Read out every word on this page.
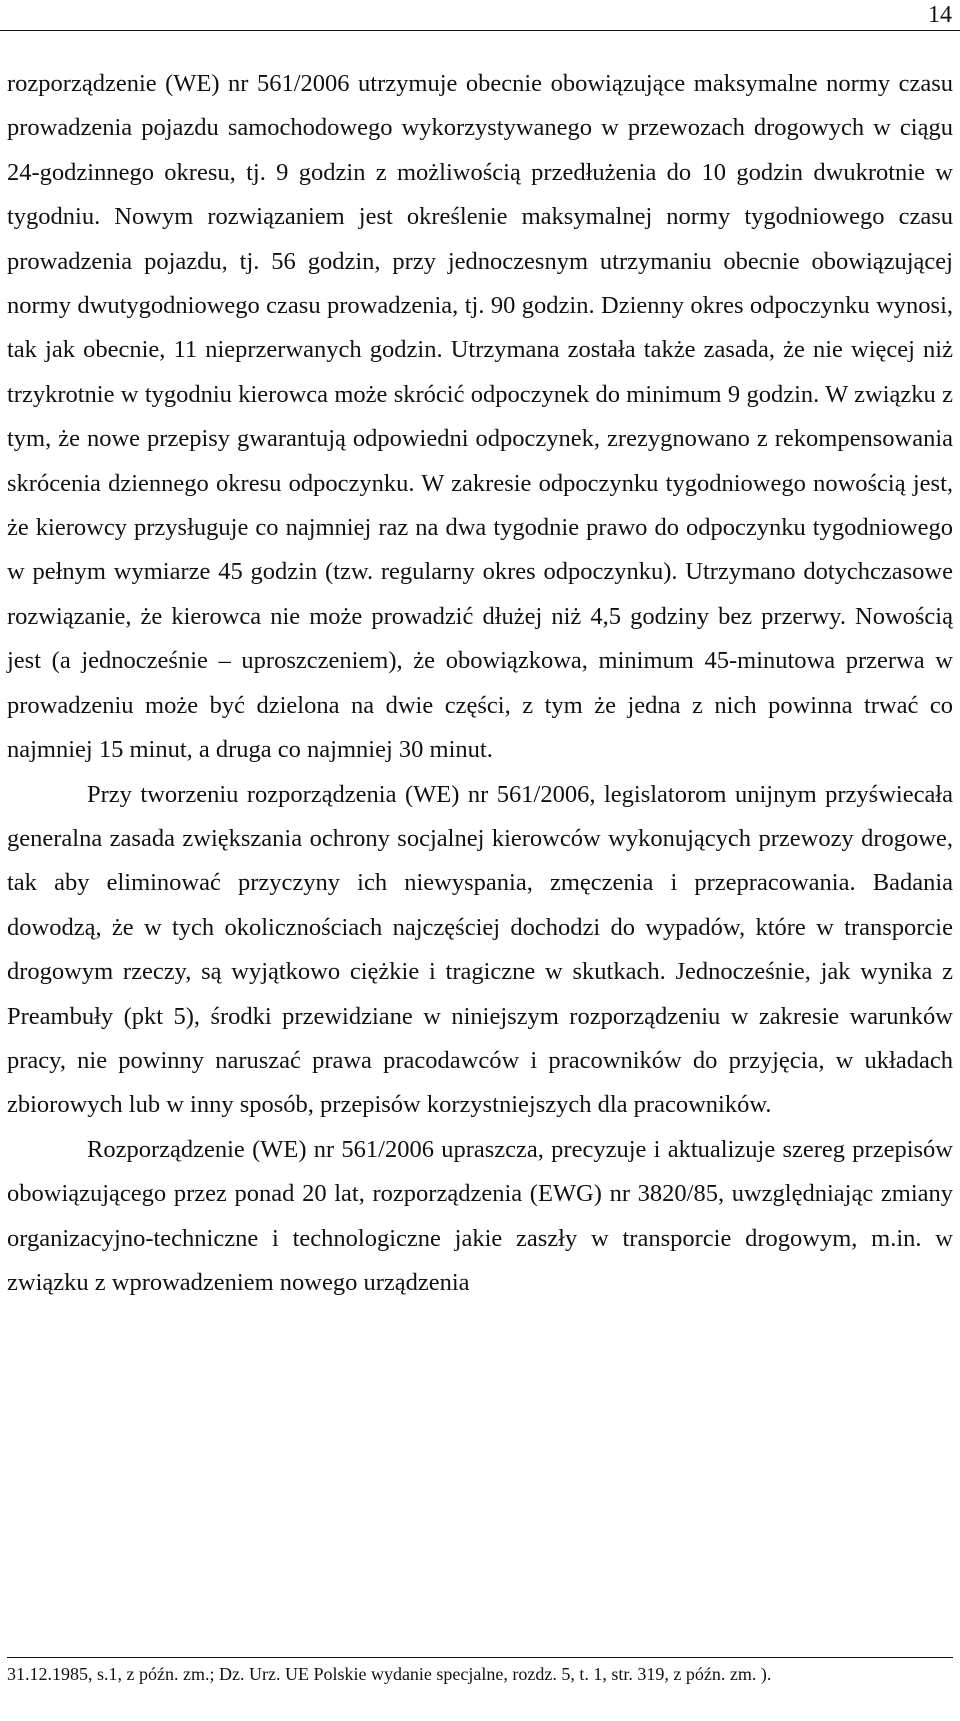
14

rozporządzenie (WE) nr 561/2006 utrzymuje obecnie obowiązujące maksymalne normy czasu prowadzenia pojazdu samochodowego wykorzystywanego w przewozach drogowych w ciągu 24-godzinnego okresu, tj. 9 godzin z możliwością przedłużenia do 10 godzin dwukrotnie w tygodniu. Nowym rozwiązaniem jest określenie maksymalnej normy tygodniowego czasu prowadzenia pojazdu, tj. 56 godzin, przy jednoczesnym utrzymaniu obecnie obowiązującej normy dwutygodniowego czasu prowadzenia, tj. 90 godzin. Dzienny okres odpoczynku wynosi, tak jak obecnie, 11 nieprzerwanych godzin. Utrzymana została także zasada, że nie więcej niż trzykrotnie w tygodniu kierowca może skrócić odpoczynek do minimum 9 godzin. W związku z tym, że nowe przepisy gwarantują odpowiedni odpoczynek, zrezygnowano z rekompensowania skrócenia dziennego okresu odpoczynku. W zakresie odpoczynku tygodniowego nowością jest, że kierowcy przysługuje co najmniej raz na dwa tygodnie prawo do odpoczynku tygodniowego w pełnym wymiarze 45 godzin (tzw. regularny okres odpoczynku). Utrzymano dotychczasowe rozwiązanie, że kierowca nie może prowadzić dłużej niż 4,5 godziny bez przerwy. Nowością jest (a jednocześnie – uproszczeniem), że obowiązkowa, minimum 45-minutowa przerwa w prowadzeniu może być dzielona na dwie części, z tym że jedna z nich powinna trwać co najmniej 15 minut, a druga co najmniej 30 minut.

Przy tworzeniu rozporządzenia (WE) nr 561/2006, legislatorom unijnym przyświecała generalna zasada zwiększania ochrony socjalnej kierowców wykonujących przewozy drogowe, tak aby eliminować przyczyny ich niewyspania, zmęczenia i przepracowania. Badania dowodzą, że w tych okolicznościach najczęściej dochodzi do wypadów, które w transporcie drogowym rzeczy, są wyjątkowo ciężkie i tragiczne w skutkach. Jednocześnie, jak wynika z Preambuły (pkt 5), środki przewidziane w niniejszym rozporządzeniu w zakresie warunków pracy, nie powinny naruszać prawa pracodawców i pracowników do przyjęcia, w układach zbiorowych lub w inny sposób, przepisów korzystniejszych dla pracowników.

Rozporządzenie (WE) nr 561/2006 upraszcza, precyzuje i aktualizuje szereg przepisów obowiązującego przez ponad 20 lat, rozporządzenia (EWG) nr 3820/85, uwzględniając zmiany organizacyjno-techniczne i technologiczne jakie zaszły w transporcie drogowym, m.in. w związku z wprowadzeniem nowego urządzenia

31.12.1985, s.1, z późn. zm.; Dz. Urz. UE Polskie wydanie specjalne, rozdz. 5, t. 1, str. 319, z późn. zm. ).
